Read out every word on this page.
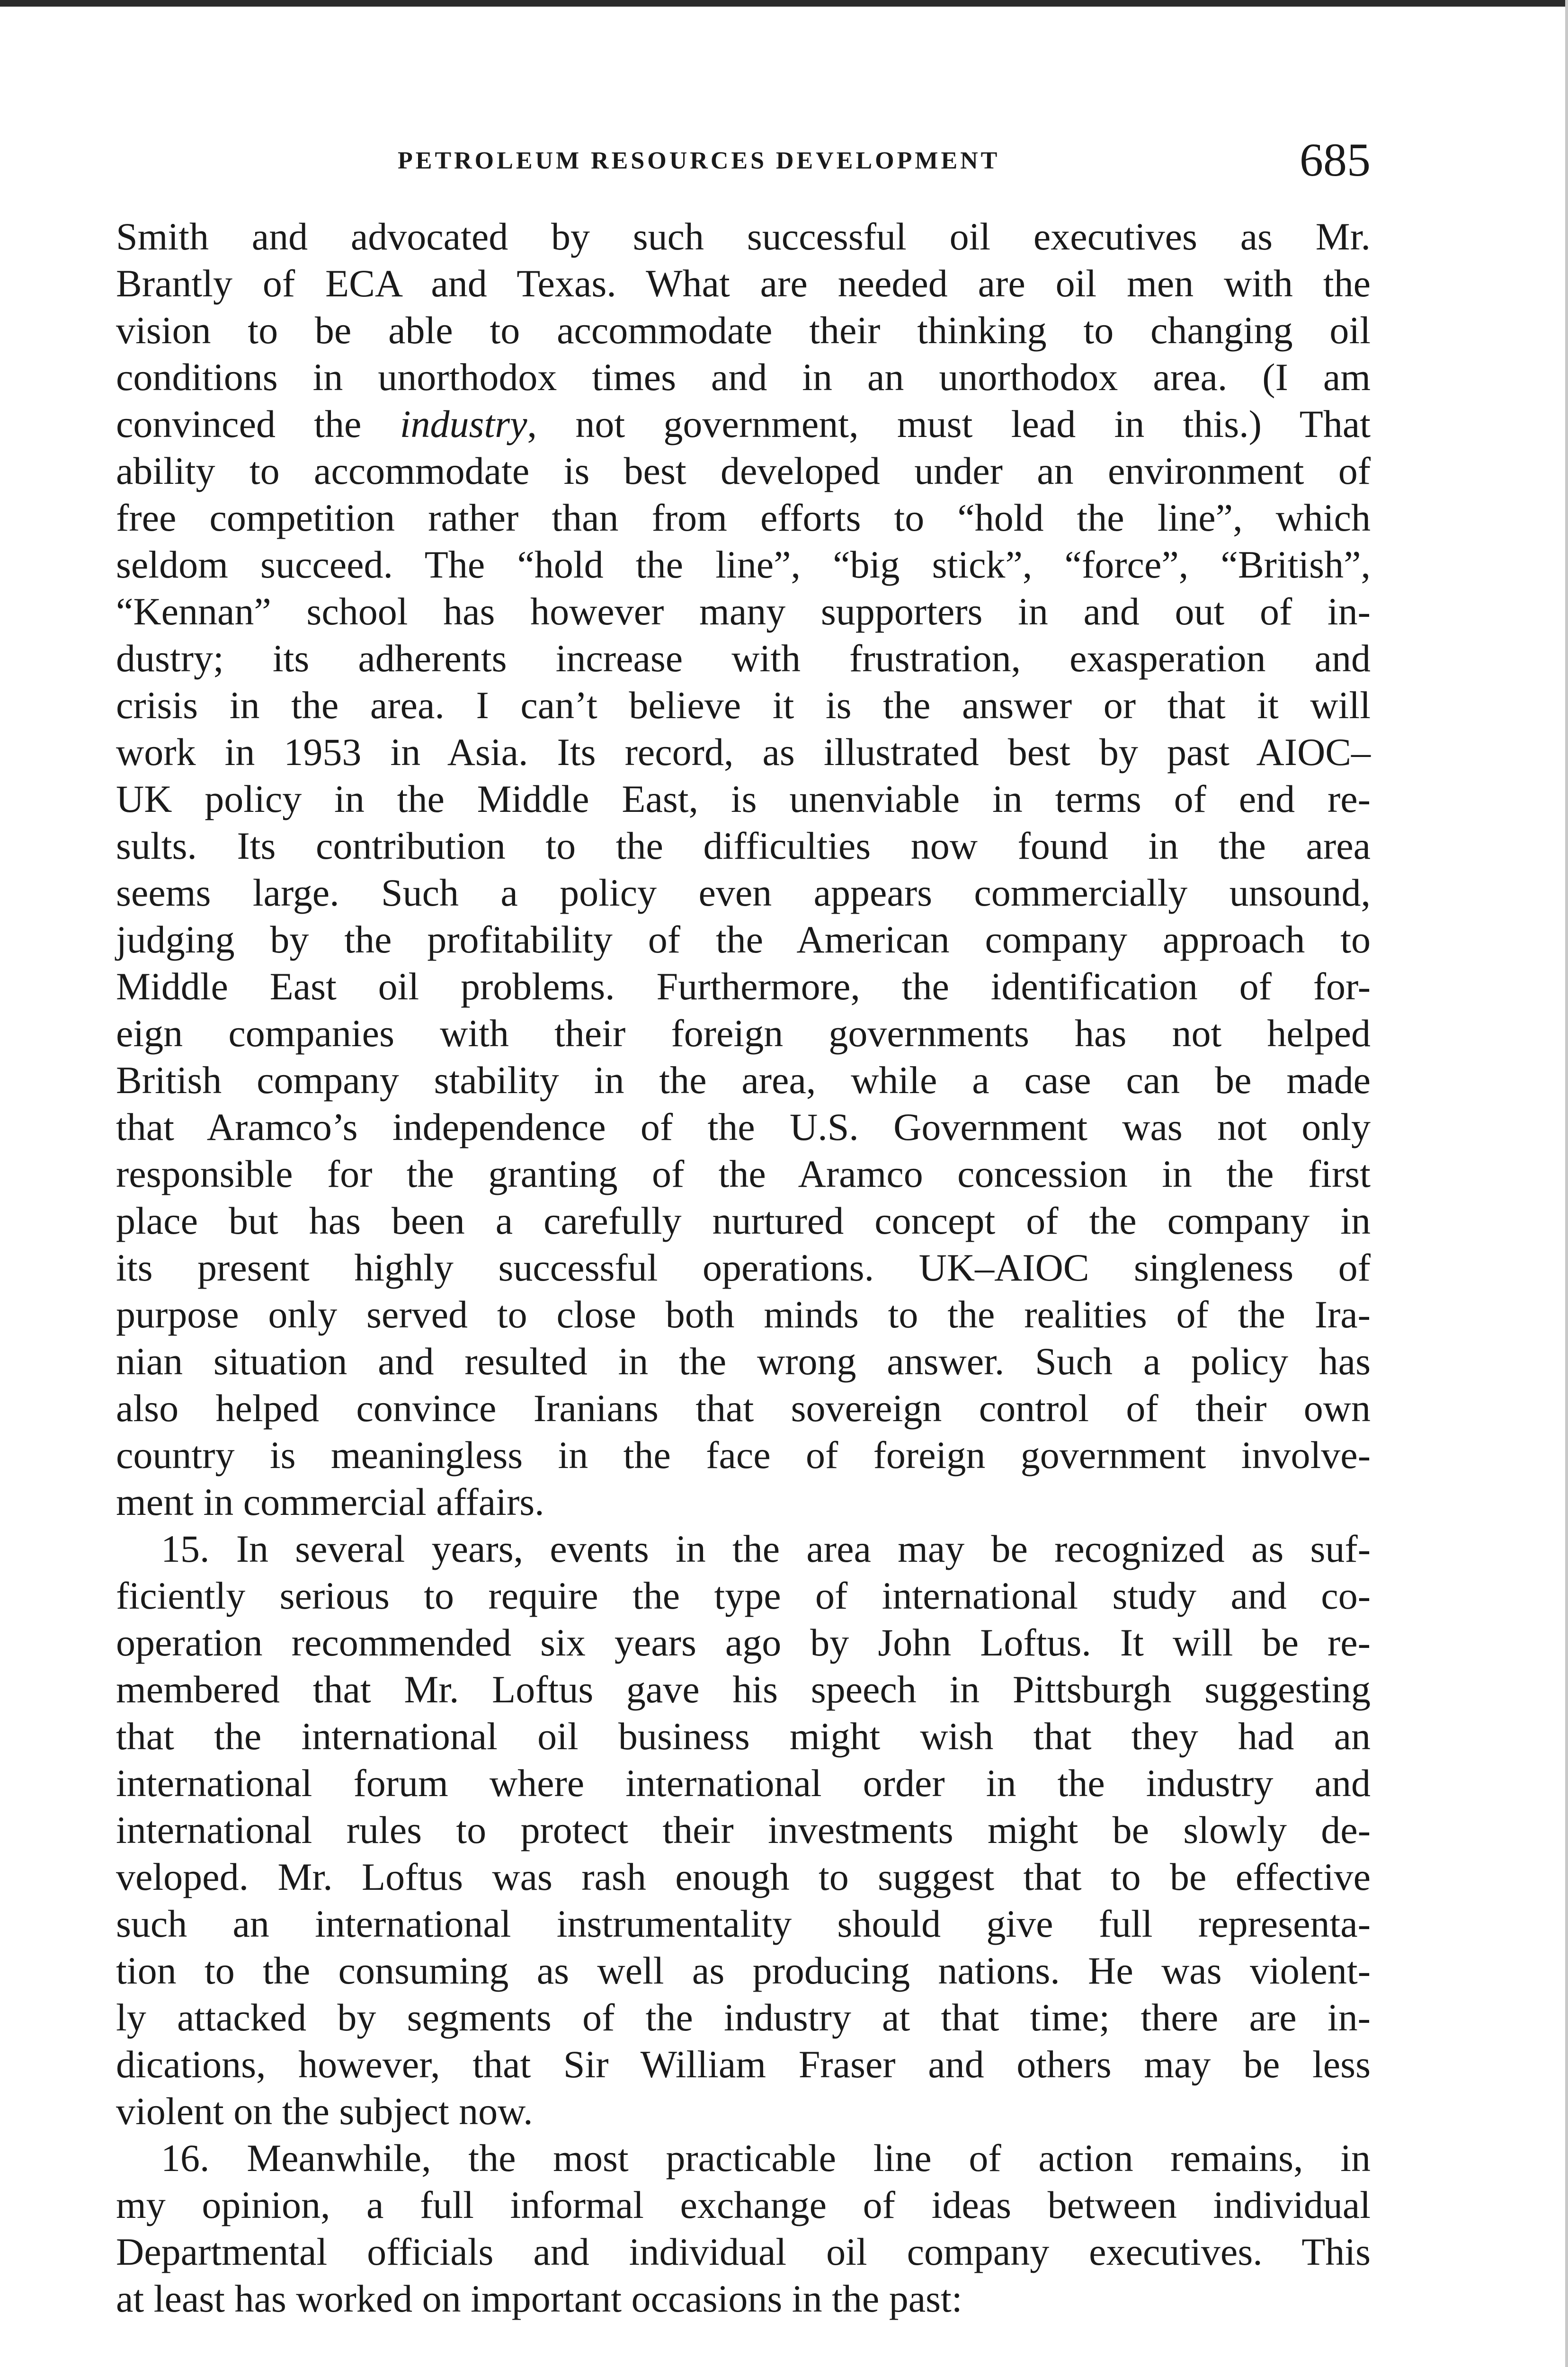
PETROLEUM RESOURCES DEVELOPMENT	685
Smith and advocated by such successful oil executives as Mr.
Brantly of ECA and Texas. What are needed are oil men with the
vision to be able to accommodate their thinking to changing oil
conditions in unorthodox times and in an unorthodox area. (I am
convinced the industry, not government, must lead in this.) That
ability to accommodate is best developed under an environment of
free competition rather than from efforts to “hold the line”, which
seldom succeed. The “hold the line”, “big stick”, “force”, “British”,
“Kennan” school has however many supporters in and out of in-
dustry; its adherents increase with frustration, exasperation and
crisis in the area. I can’t believe it is the answer or that it will
work in 1953 in Asia. Its record, as illustrated best by past AIOC–
UK policy in the Middle East, is unenviable in terms of end re-
sults. Its contribution to the difficulties now found in the area
seems large. Such a policy even appears commercially unsound,
judging by the profitability of the American company approach to
Middle East oil problems. Furthermore, the identification of for-
eign companies with their foreign governments has not helped
British company stability in the area, while a case can be made
that Aramco’s independence of the U.S. Government was not only
responsible for the granting of the Aramco concession in the first
place but has been a carefully nurtured concept of the company in
its present highly successful operations. UK–AIOC singleness of
purpose only served to close both minds to the realities of the Ira-
nian situation and resulted in the wrong answer. Such a policy has
also helped convince Iranians that sovereign control of their own
country is meaningless in the face of foreign government involve-
ment in commercial affairs.
15. In several years, events in the area may be recognized as suf-
ficiently serious to require the type of international study and co-
operation recommended six years ago by John Loftus. It will be re-
membered that Mr. Loftus gave his speech in Pittsburgh suggesting
that the international oil business might wish that they had an
international forum where international order in the industry and
international rules to protect their investments might be slowly de-
veloped. Mr. Loftus was rash enough to suggest that to be effective
such an international instrumentality should give full representa-
tion to the consuming as well as producing nations. He was violent-
ly attacked by segments of the industry at that time; there are in-
dications, however, that Sir William Fraser and others may be less
violent on the subject now.
16. Meanwhile, the most practicable line of action remains, in
my opinion, a full informal exchange of ideas between individual
Departmental officials and individual oil company executives. This
at least has worked on important occasions in the past:
